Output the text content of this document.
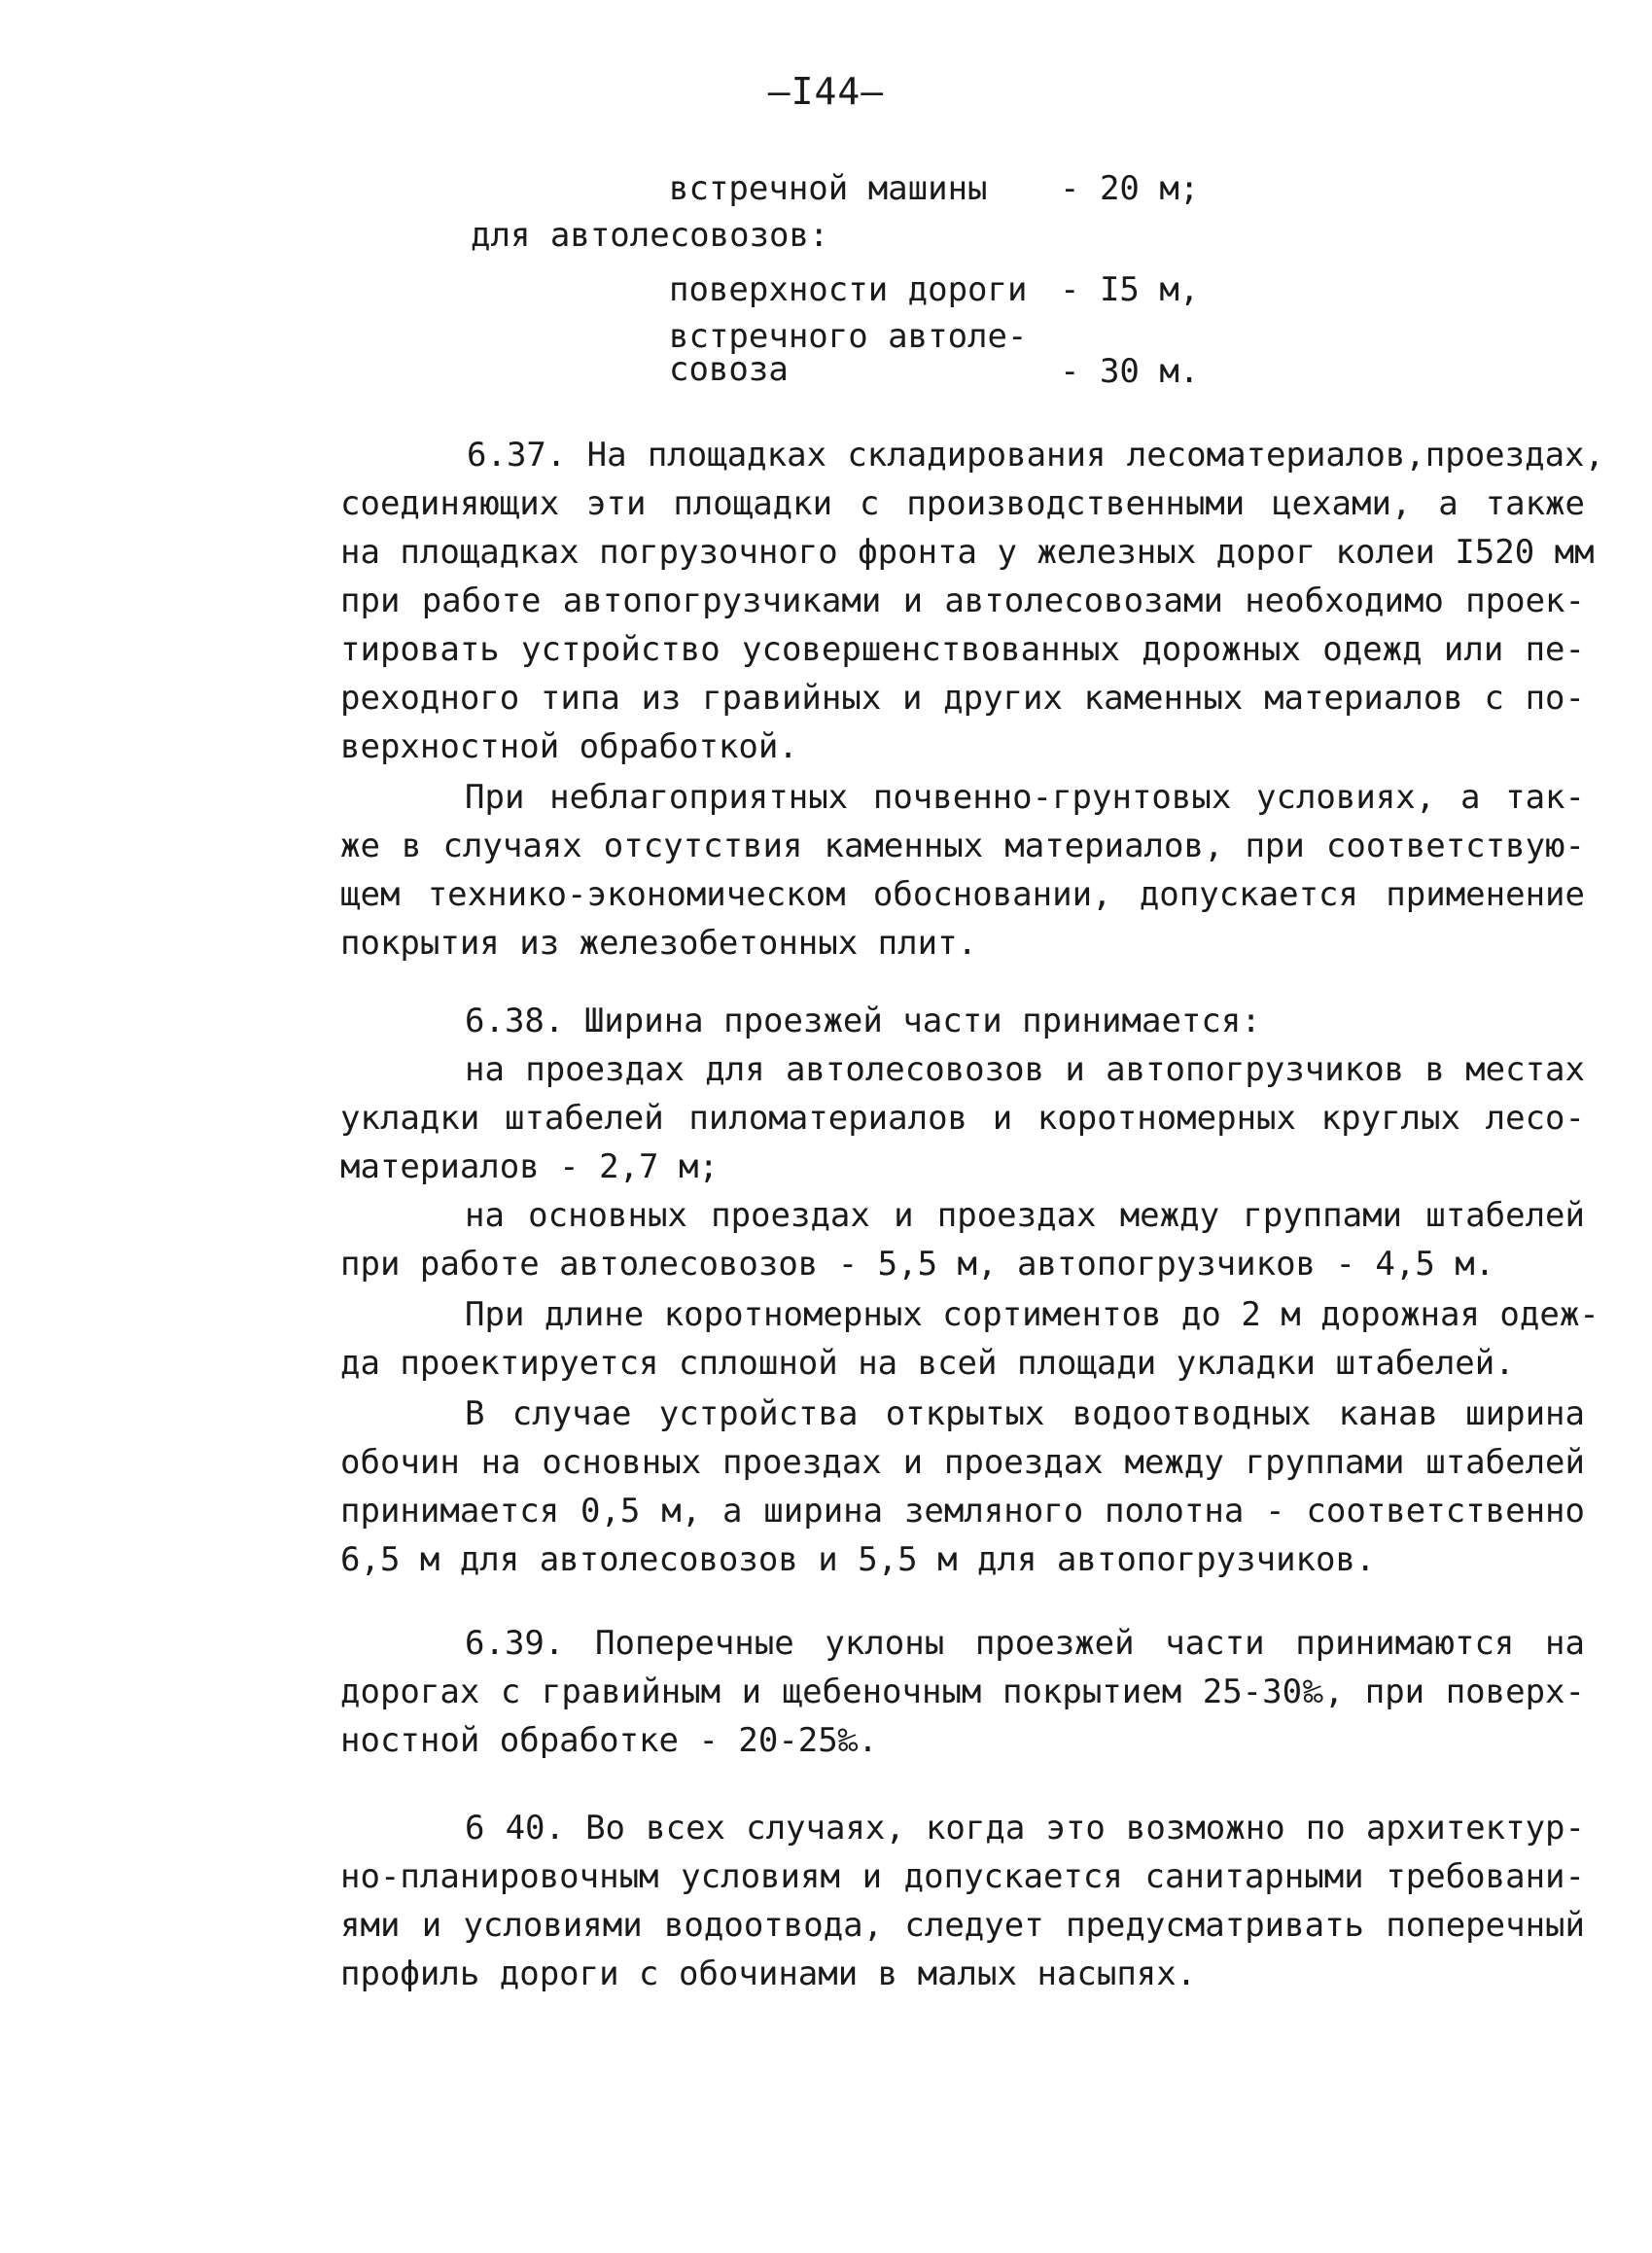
—I44—
встречной машины - 20 м;
для автолесовозов:
поверхности дороги - I5 м,
встречного автоле-
совоза	- 30 м.
6.37. На площадках складирования лесоматериалов,проездах,
соединяющих эти площадки с производственными цехами, а также
на площадках погрузочного фронта у железных дорог колеи I520 мм
при работе автопогрузчиками и автолесовозами необходимо проек-
тировать устройство усовершенствованных дорожных одежд или пе-
реходного типа из гравийных и других каменных материалов с по-
верхностной обработкой.
При неблагоприятных почвенно-грунтовых условиях, а так-
же в случаях отсутствия каменных материалов, при соответствую-
щем технико-экономическом обосновании, допускается применение
покрытия из железобетонных плит.
6.38. Ширина проезжей части принимается:
на проездах для автолесовозов и автопогрузчиков в местах
укладки штабелей пиломатериалов и коротномерных круглых лесо-
материалов - 2,7 м;
на основных проездах и проездах между группами штабелей
при работе автолесовозов - 5,5 м, автопогрузчиков - 4,5 м.
При длине коротномерных сортиментов до 2 м дорожная одеж-
да проектируется сплошной на всей площади укладки штабелей.
В случае устройства открытых водоотводных канав ширина
обочин на основных проездах и проездах между группами штабелей
принимается 0,5 м, а ширина земляного полотна - соответственно
6,5 м для автолесовозов и 5,5 м для автопогрузчиков.
6.39. Поперечные уклоны проезжей части принимаются на
дорогах с гравийным и щебеночным покрытием 25-30‰, при поверх-
ностной обработке - 20-25‰.
6 40. Во всех случаях, когда это возможно по архитектур-
но-планировочным условиям и допускается санитарными требовани-
ями и условиями водоотвода, следует предусматривать поперечный
профиль дороги с обочинами в малых насыпях.
